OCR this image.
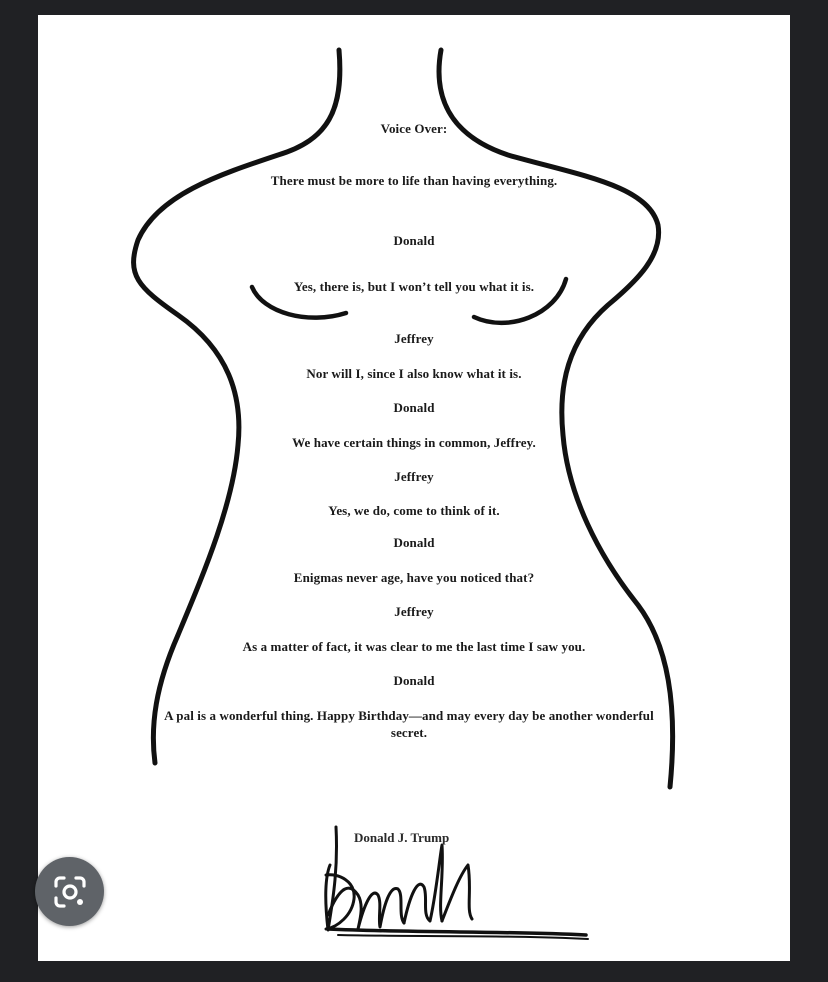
Voice Over:
There must be more to life than having everything.
Donald
Yes, there is, but I won’t tell you what it is.
Jeffrey
Nor will I, since I also know what it is.
Donald
We have certain things in common, Jeffrey.
Jeffrey
Yes, we do, come to think of it.
Donald
Enigmas never age, have you noticed that?
Jeffrey
As a matter of fact, it was clear to me the last time I saw you.
Donald
A pal is a wonderful thing. Happy Birthday—and may every day be another wonderful secret.
Donald J. Trump
